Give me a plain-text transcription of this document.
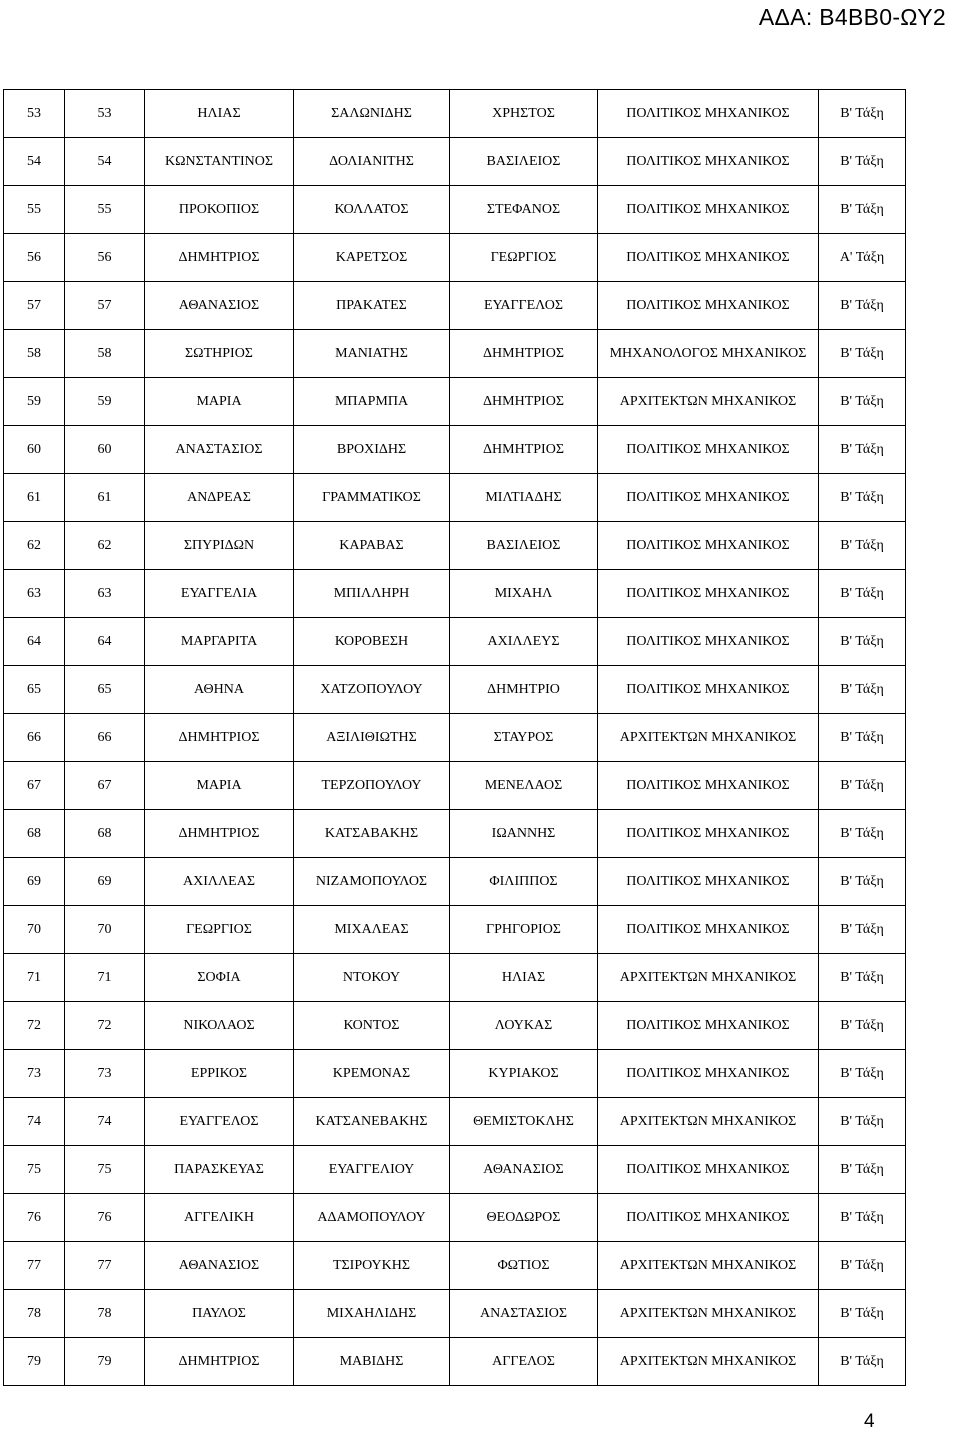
ΑΔΑ: Β4ΒΒ0-ΩΥ2
53	53	ΗΛΙΑΣ	ΣΑΛΩΝΙΔΗΣ	ΧΡΗΣΤΟΣ	ΠΟΛΙΤΙΚΟΣ ΜΗΧΑΝΙΚΟΣ	Β' Τάξη
54	54	ΚΩΝΣΤΑΝΤΙΝΟΣ	ΔΟΛΙΑΝΙΤΗΣ	ΒΑΣΙΛΕΙΟΣ	ΠΟΛΙΤΙΚΟΣ ΜΗΧΑΝΙΚΟΣ	Β' Τάξη
55	55	ΠΡΟΚΟΠΙΟΣ	ΚΟΛΛΑΤΟΣ	ΣΤΕΦΑΝΟΣ	ΠΟΛΙΤΙΚΟΣ ΜΗΧΑΝΙΚΟΣ	Β' Τάξη
56	56	ΔΗΜΗΤΡΙΟΣ	ΚΑΡΕΤΣΟΣ	ΓΕΩΡΓΙΟΣ	ΠΟΛΙΤΙΚΟΣ ΜΗΧΑΝΙΚΟΣ	Α' Τάξη
57	57	ΑΘΑΝΑΣΙΟΣ	ΠΡΑΚΑΤΕΣ	ΕΥΑΓΓΕΛΟΣ	ΠΟΛΙΤΙΚΟΣ ΜΗΧΑΝΙΚΟΣ	Β' Τάξη
58	58	ΣΩΤΗΡΙΟΣ	ΜΑΝΙΑΤΗΣ	ΔΗΜΗΤΡΙΟΣ	ΜΗΧΑΝΟΛΟΓΟΣ ΜΗΧΑΝΙΚΟΣ	Β' Τάξη
59	59	ΜΑΡΙΑ	ΜΠΑΡΜΠΑ	ΔΗΜΗΤΡΙΟΣ	ΑΡΧΙΤΕΚΤΩΝ ΜΗΧΑΝΙΚΟΣ	Β' Τάξη
60	60	ΑΝΑΣΤΑΣΙΟΣ	ΒΡΟΧΙΔΗΣ	ΔΗΜΗΤΡΙΟΣ	ΠΟΛΙΤΙΚΟΣ ΜΗΧΑΝΙΚΟΣ	Β' Τάξη
61	61	ΑΝΔΡΕΑΣ	ΓΡΑΜΜΑΤΙΚΟΣ	ΜΙΛΤΙΑΔΗΣ	ΠΟΛΙΤΙΚΟΣ ΜΗΧΑΝΙΚΟΣ	Β' Τάξη
62	62	ΣΠΥΡΙΔΩΝ	ΚΑΡΑΒΑΣ	ΒΑΣΙΛΕΙΟΣ	ΠΟΛΙΤΙΚΟΣ ΜΗΧΑΝΙΚΟΣ	Β' Τάξη
63	63	ΕΥΑΓΓΕΛΙΑ	ΜΠΙΛΛΗΡΗ	ΜΙΧΑΗΛ	ΠΟΛΙΤΙΚΟΣ ΜΗΧΑΝΙΚΟΣ	Β' Τάξη
64	64	ΜΑΡΓΑΡΙΤΑ	ΚΟΡΟΒΕΣΗ	ΑΧΙΛΛΕΥΣ	ΠΟΛΙΤΙΚΟΣ ΜΗΧΑΝΙΚΟΣ	Β' Τάξη
65	65	ΑΘΗΝΑ	ΧΑΤΖΟΠΟΥΛΟΥ	ΔΗΜΗΤΡΙΟ	ΠΟΛΙΤΙΚΟΣ ΜΗΧΑΝΙΚΟΣ	Β' Τάξη
66	66	ΔΗΜΗΤΡΙΟΣ	ΑΞΙΛΙΘΙΩΤΗΣ	ΣΤΑΥΡΟΣ	ΑΡΧΙΤΕΚΤΩΝ ΜΗΧΑΝΙΚΟΣ	Β' Τάξη
67	67	ΜΑΡΙΑ	ΤΕΡΖΟΠΟΥΛΟΥ	ΜΕΝΕΛΑΟΣ	ΠΟΛΙΤΙΚΟΣ ΜΗΧΑΝΙΚΟΣ	Β' Τάξη
68	68	ΔΗΜΗΤΡΙΟΣ	ΚΑΤΣΑΒΑΚΗΣ	ΙΩΑΝΝΗΣ	ΠΟΛΙΤΙΚΟΣ ΜΗΧΑΝΙΚΟΣ	Β' Τάξη
69	69	ΑΧΙΛΛΕΑΣ	ΝΙΖΑΜΟΠΟΥΛΟΣ	ΦΙΛΙΠΠΟΣ	ΠΟΛΙΤΙΚΟΣ ΜΗΧΑΝΙΚΟΣ	Β' Τάξη
70	70	ΓΕΩΡΓΙΟΣ	ΜΙΧΑΛΕΑΣ	ΓΡΗΓΟΡΙΟΣ	ΠΟΛΙΤΙΚΟΣ ΜΗΧΑΝΙΚΟΣ	Β' Τάξη
71	71	ΣΟΦΙΑ	ΝΤΟΚΟΥ	ΗΛΙΑΣ	ΑΡΧΙΤΕΚΤΩΝ ΜΗΧΑΝΙΚΟΣ	Β' Τάξη
72	72	ΝΙΚΟΛΑΟΣ	ΚΟΝΤΟΣ	ΛΟΥΚΑΣ	ΠΟΛΙΤΙΚΟΣ ΜΗΧΑΝΙΚΟΣ	Β' Τάξη
73	73	ΕΡΡΙΚΟΣ	ΚΡΕΜΟΝΑΣ	ΚΥΡΙΑΚΟΣ	ΠΟΛΙΤΙΚΟΣ ΜΗΧΑΝΙΚΟΣ	Β' Τάξη
74	74	ΕΥΑΓΓΕΛΟΣ	ΚΑΤΣΑΝΕΒΑΚΗΣ	ΘΕΜΙΣΤΟΚΛΗΣ	ΑΡΧΙΤΕΚΤΩΝ ΜΗΧΑΝΙΚΟΣ	Β' Τάξη
75	75	ΠΑΡΑΣΚΕΥΑΣ	ΕΥΑΓΓΕΛΙΟΥ	ΑΘΑΝΑΣΙΟΣ	ΠΟΛΙΤΙΚΟΣ ΜΗΧΑΝΙΚΟΣ	Β' Τάξη
76	76	ΑΓΓΕΛΙΚΗ	ΑΔΑΜΟΠΟΥΛΟΥ	ΘΕΟΔΩΡΟΣ	ΠΟΛΙΤΙΚΟΣ ΜΗΧΑΝΙΚΟΣ	Β' Τάξη
77	77	ΑΘΑΝΑΣΙΟΣ	ΤΣΙΡΟΥΚΗΣ	ΦΩΤΙΟΣ	ΑΡΧΙΤΕΚΤΩΝ ΜΗΧΑΝΙΚΟΣ	Β' Τάξη
78	78	ΠΑΥΛΟΣ	ΜΙΧΑΗΛΙΔΗΣ	ΑΝΑΣΤΑΣΙΟΣ	ΑΡΧΙΤΕΚΤΩΝ ΜΗΧΑΝΙΚΟΣ	Β' Τάξη
79	79	ΔΗΜΗΤΡΙΟΣ	ΜΑΒΙΔΗΣ	ΑΓΓΕΛΟΣ	ΑΡΧΙΤΕΚΤΩΝ ΜΗΧΑΝΙΚΟΣ	Β' Τάξη
4
